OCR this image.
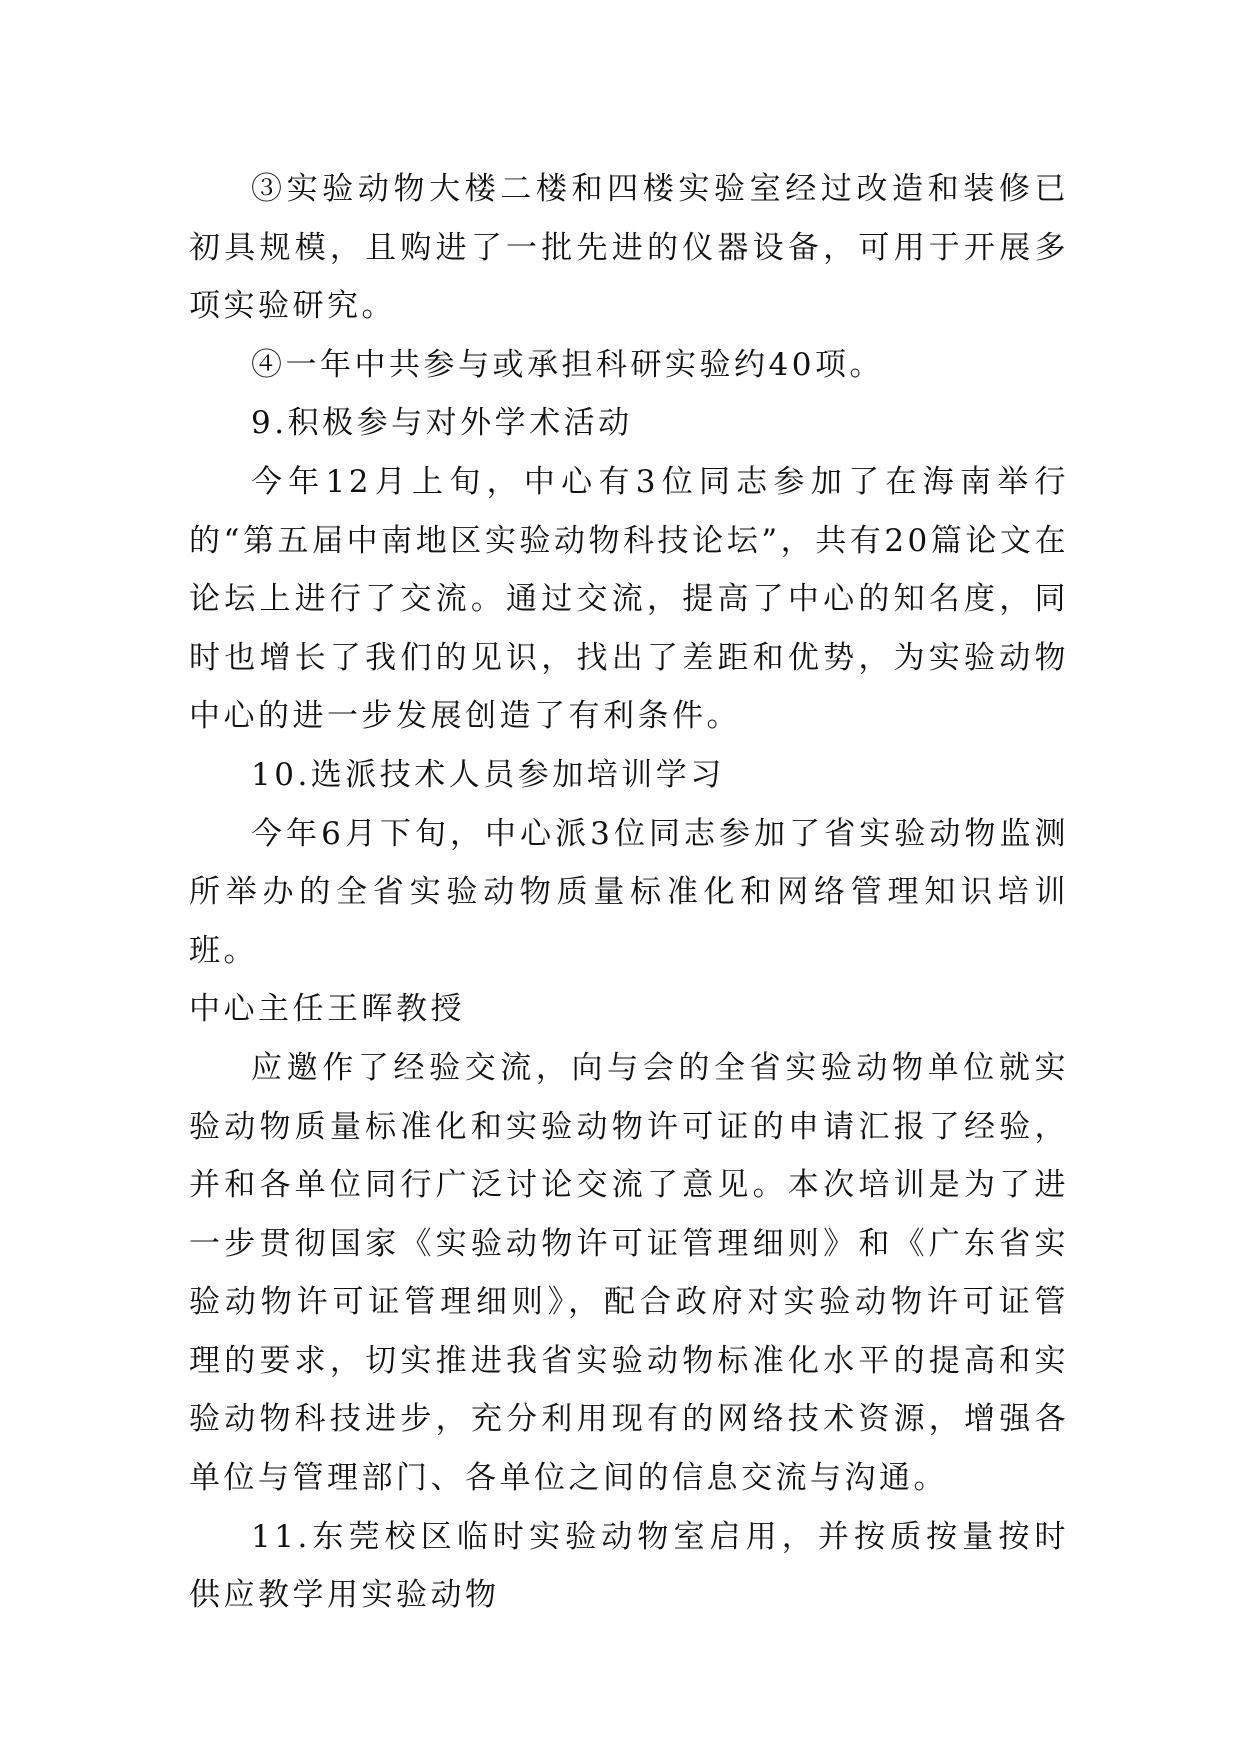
③实验动物大楼二楼和四楼实验室经过改造和装修已初具规模，且购进了一批先进的仪器设备，可用于开展多项实验研究。

④一年中共参与或承担科研实验约40项。

9.积极参与对外学术活动

今年12月上旬，中心有3位同志参加了在海南举行的“第五届中南地区实验动物科技论坛”，共有20篇论文在论坛上进行了交流。通过交流，提高了中心的知名度，同时也增长了我们的见识，找出了差距和优势，为实验动物中心的进一步发展创造了有利条件。

10.选派技术人员参加培训学习

今年6月下旬，中心派3位同志参加了省实验动物监测所举办的全省实验动物质量标准化和网络管理知识培训班。

中心主任王晖教授

应邀作了经验交流，向与会的全省实验动物单位就实验动物质量标准化和实验动物许可证的申请汇报了经验，并和各单位同行广泛讨论交流了意见。本次培训是为了进一步贯彻国家《实验动物许可证管理细则》和《广东省实验动物许可证管理细则》，配合政府对实验动物许可证管理的要求，切实推进我省实验动物标准化水平的提高和实验动物科技进步，充分利用现有的网络技术资源，增强各单位与管理部门、各单位之间的信息交流与沟通。

11.东莞校区临时实验动物室启用，并按质按量按时供应教学用实验动物
